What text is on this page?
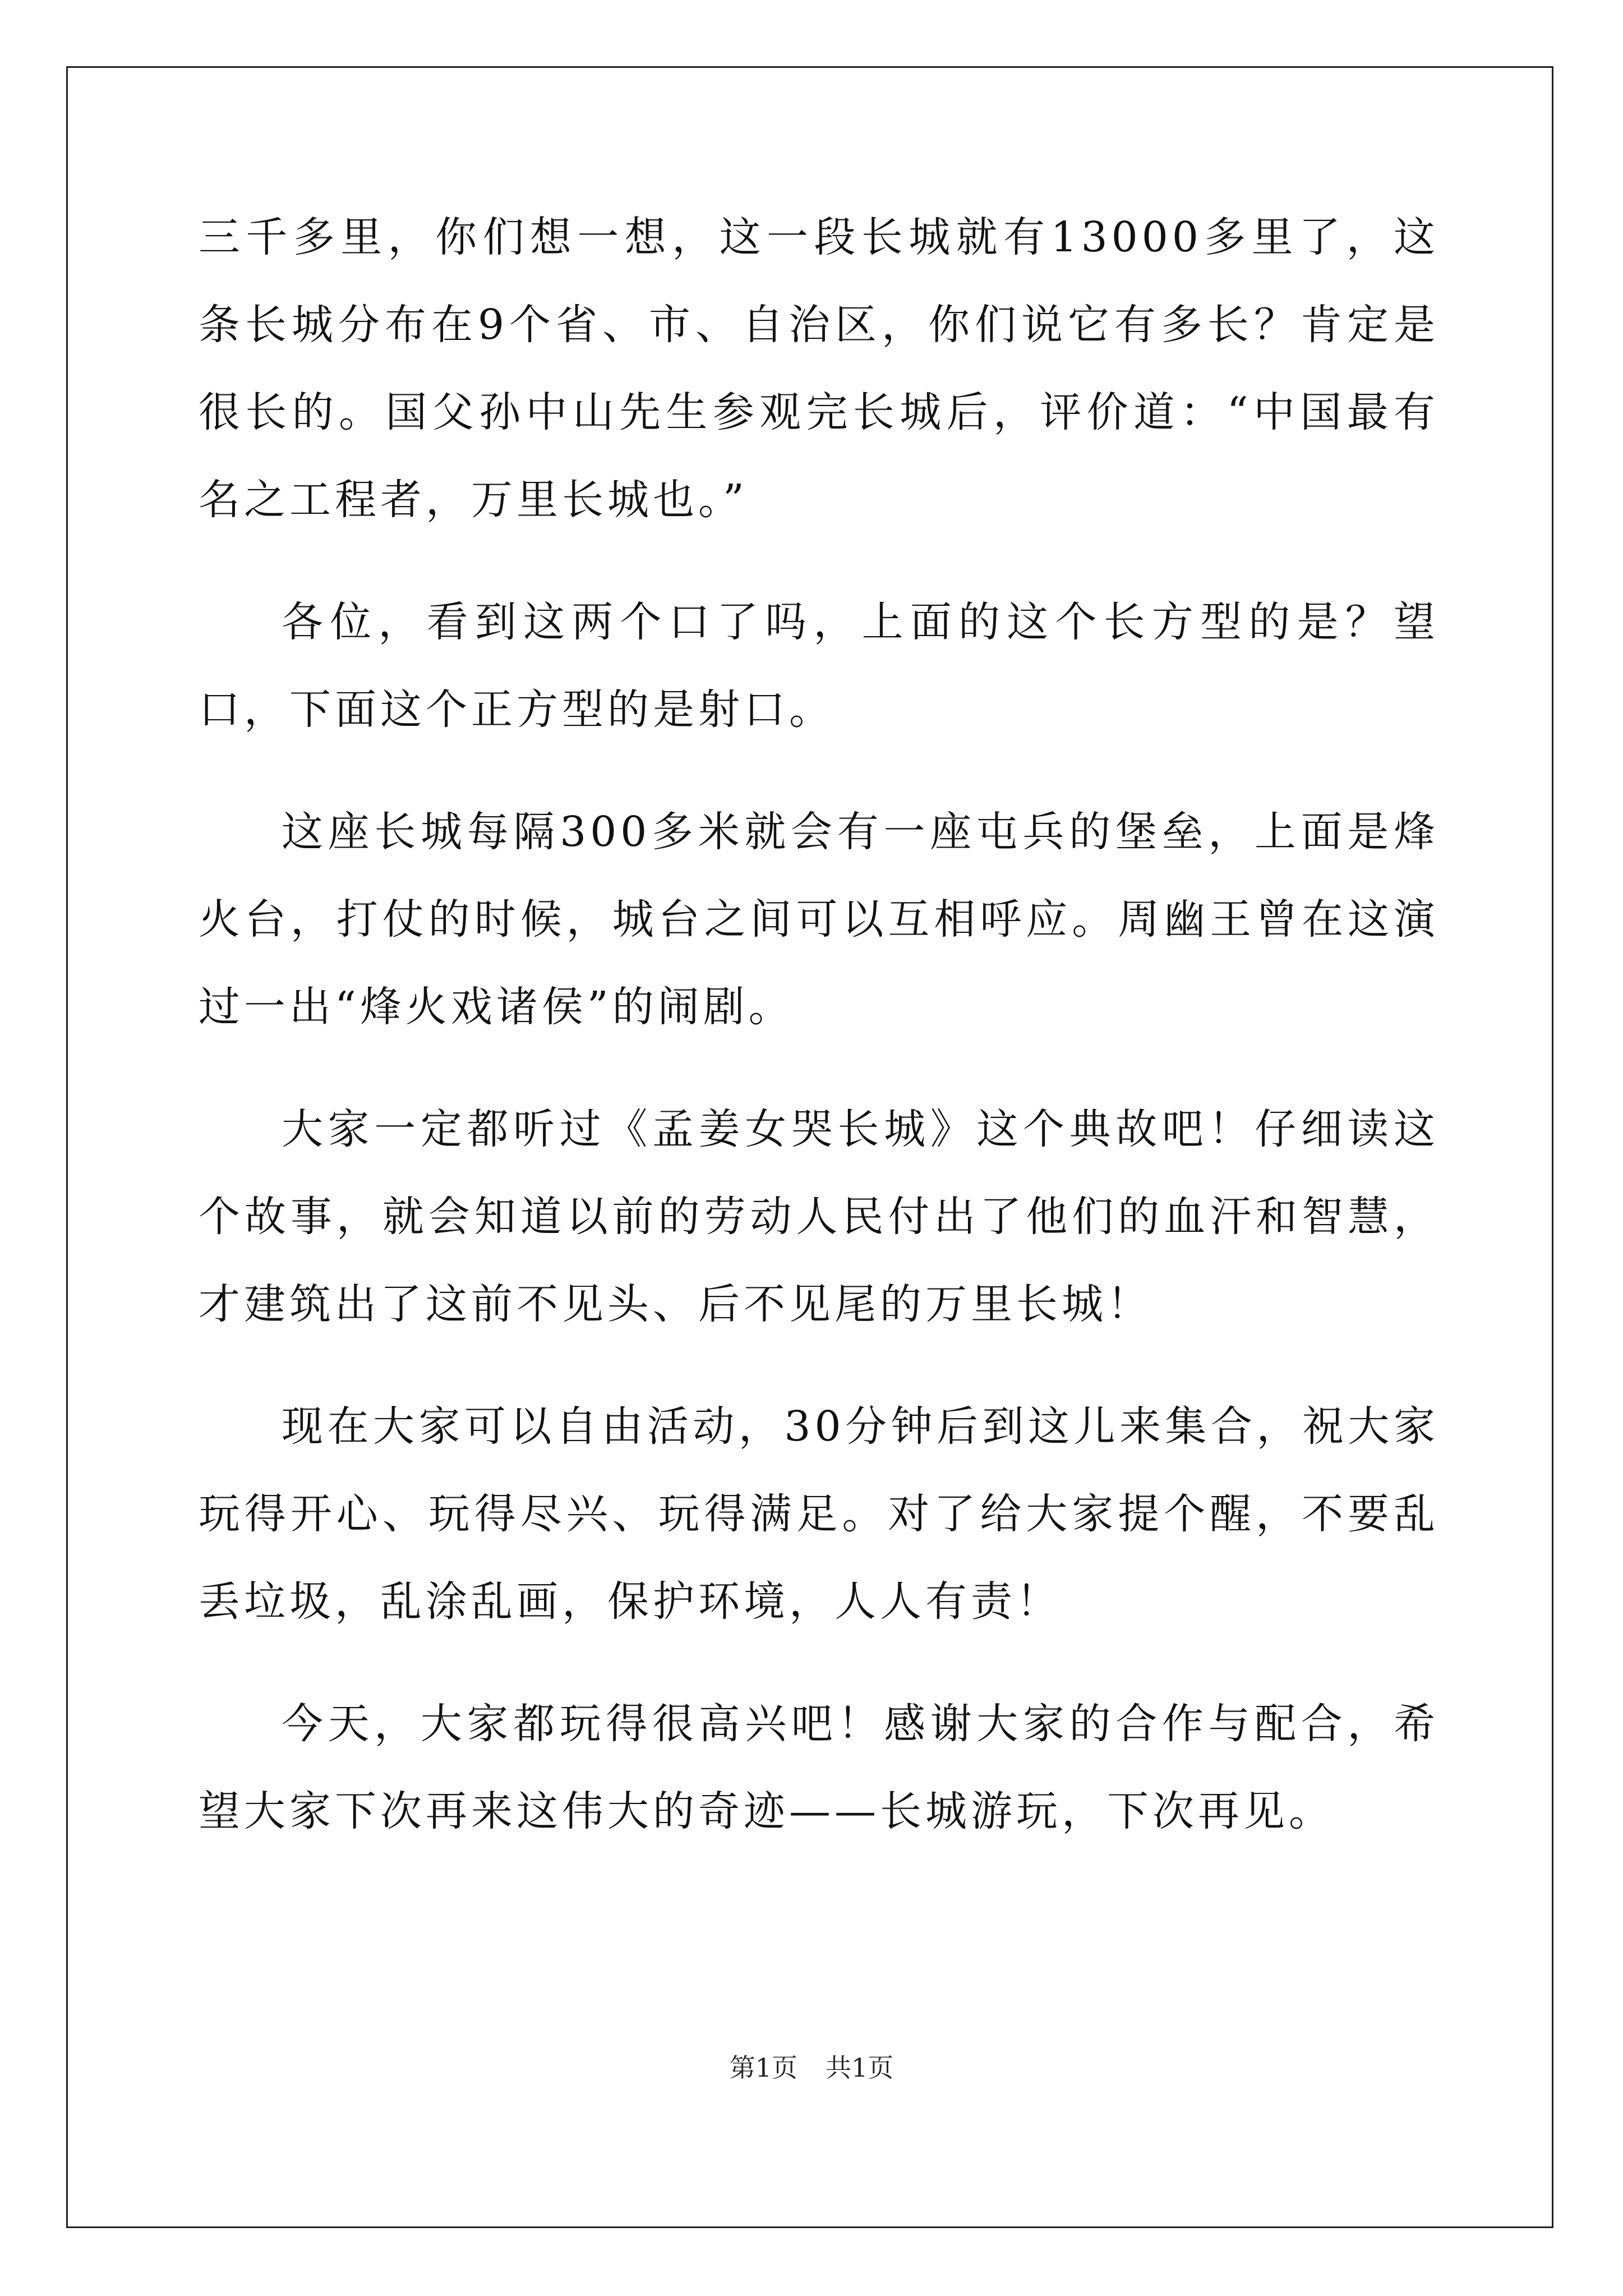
三千多里，你们想一想，这一段长城就有13000多里了，这条长城分布在9个省、市、自治区，你们说它有多长？肯定是很长的。国父孙中山先生参观完长城后，评价道：“中国最有名之工程者，万里长城也。”

各位，看到这两个口了吗，上面的这个长方型的是？望口，下面这个正方型的是射口。

这座长城每隔300多米就会有一座屯兵的堡垒，上面是烽火台，打仗的时候，城台之间可以互相呼应。周幽王曾在这演过一出“烽火戏诸侯”的闹剧。

大家一定都听过《孟姜女哭长城》这个典故吧！仔细读这个故事，就会知道以前的劳动人民付出了他们的血汗和智慧，才建筑出了这前不见头、后不见尾的万里长城！

现在大家可以自由活动，30分钟后到这儿来集合，祝大家玩得开心、玩得尽兴、玩得满足。对了给大家提个醒，不要乱丢垃圾，乱涂乱画，保护环境，人人有责！

今天，大家都玩得很高兴吧！感谢大家的合作与配合，希望大家下次再来这伟大的奇迹——长城游玩，下次再见。

第1页 共1页
